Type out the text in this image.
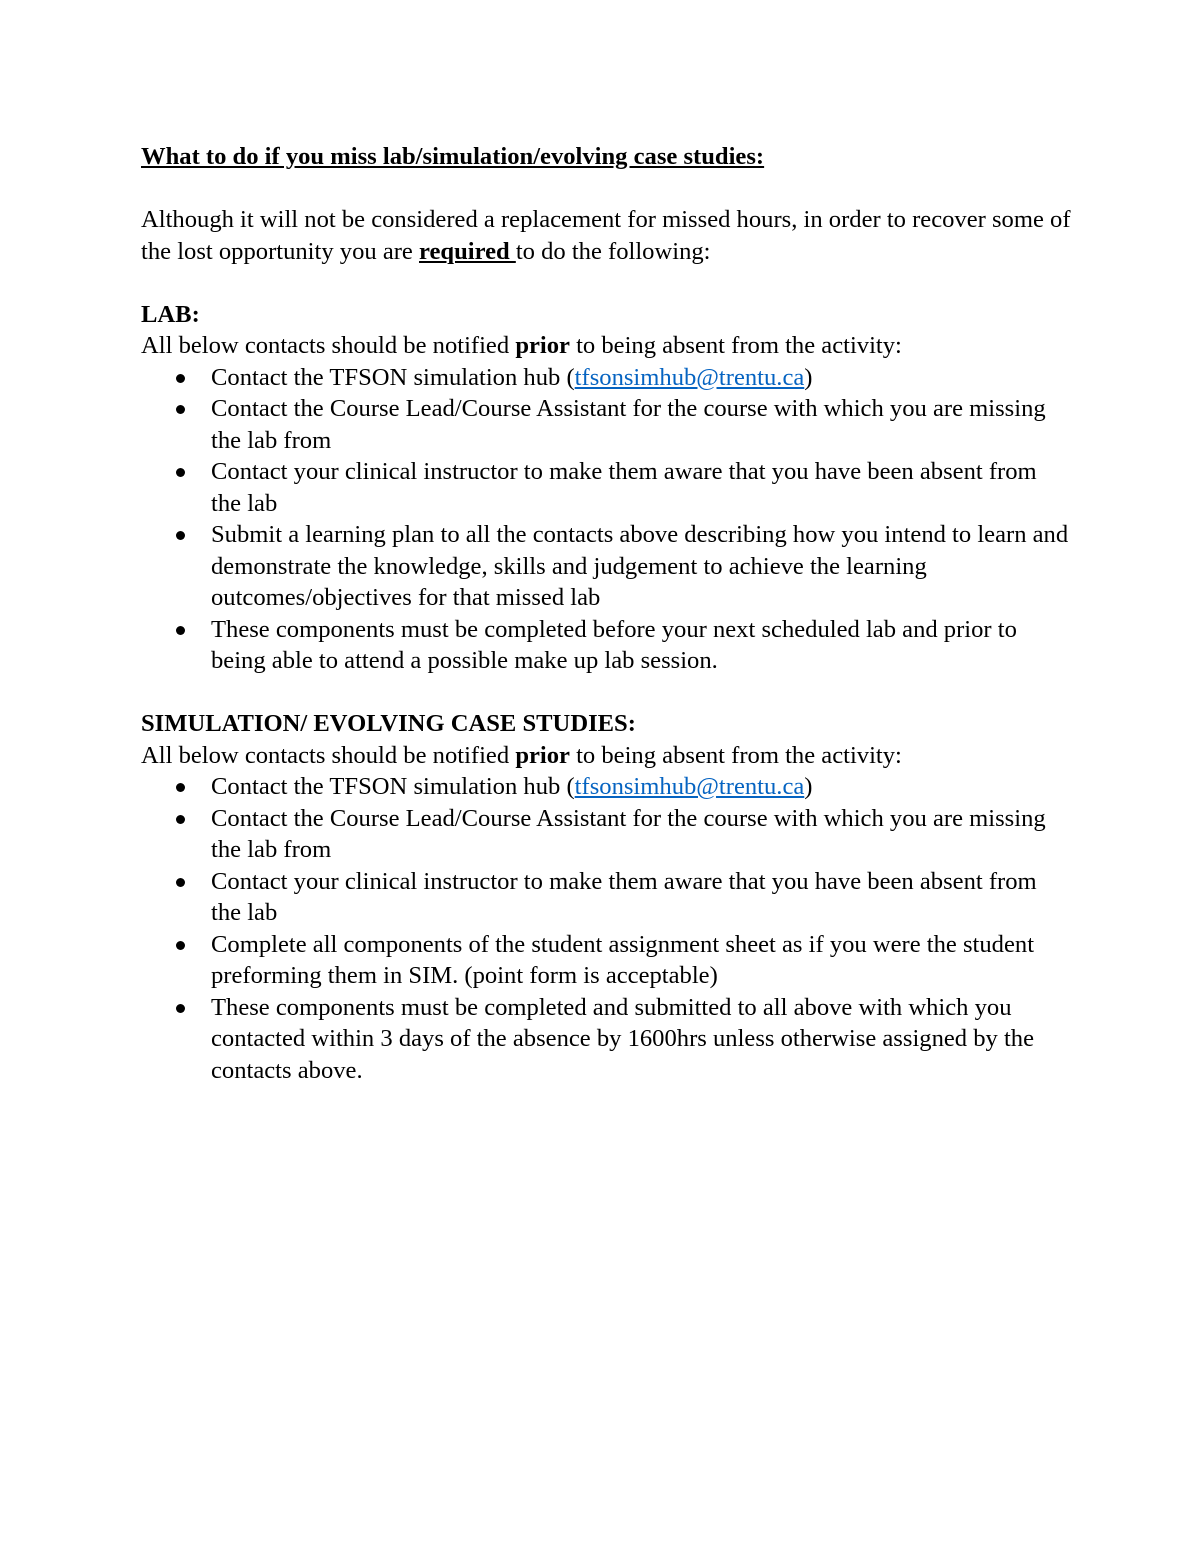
What to do if you miss lab/simulation/evolving case studies:

Although it will not be considered a replacement for missed hours, in order to recover some of the lost opportunity you are required to do the following:

LAB:

All below contacts should be notified prior to being absent from the activity:

Contact the TFSON simulation hub (tfsonsimhub@trentu.ca)
Contact the Course Lead/Course Assistant for the course with which you are missing the lab from
Contact your clinical instructor to make them aware that you have been absent from the lab
Submit a learning plan to all the contacts above describing how you intend to learn and demonstrate the knowledge, skills and judgement to achieve the learning outcomes/objectives for that missed lab
These components must be completed before your next scheduled lab and prior to being able to attend a possible make up lab session.

SIMULATION/ EVOLVING CASE STUDIES:

All below contacts should be notified prior to being absent from the activity:

Contact the TFSON simulation hub (tfsonsimhub@trentu.ca)
Contact the Course Lead/Course Assistant for the course with which you are missing the lab from
Contact your clinical instructor to make them aware that you have been absent from the lab
Complete all components of the student assignment sheet as if you were the student preforming them in SIM. (point form is acceptable)
These components must be completed and submitted to all above with which you contacted within 3 days of the absence by 1600hrs unless otherwise assigned by the contacts above.
